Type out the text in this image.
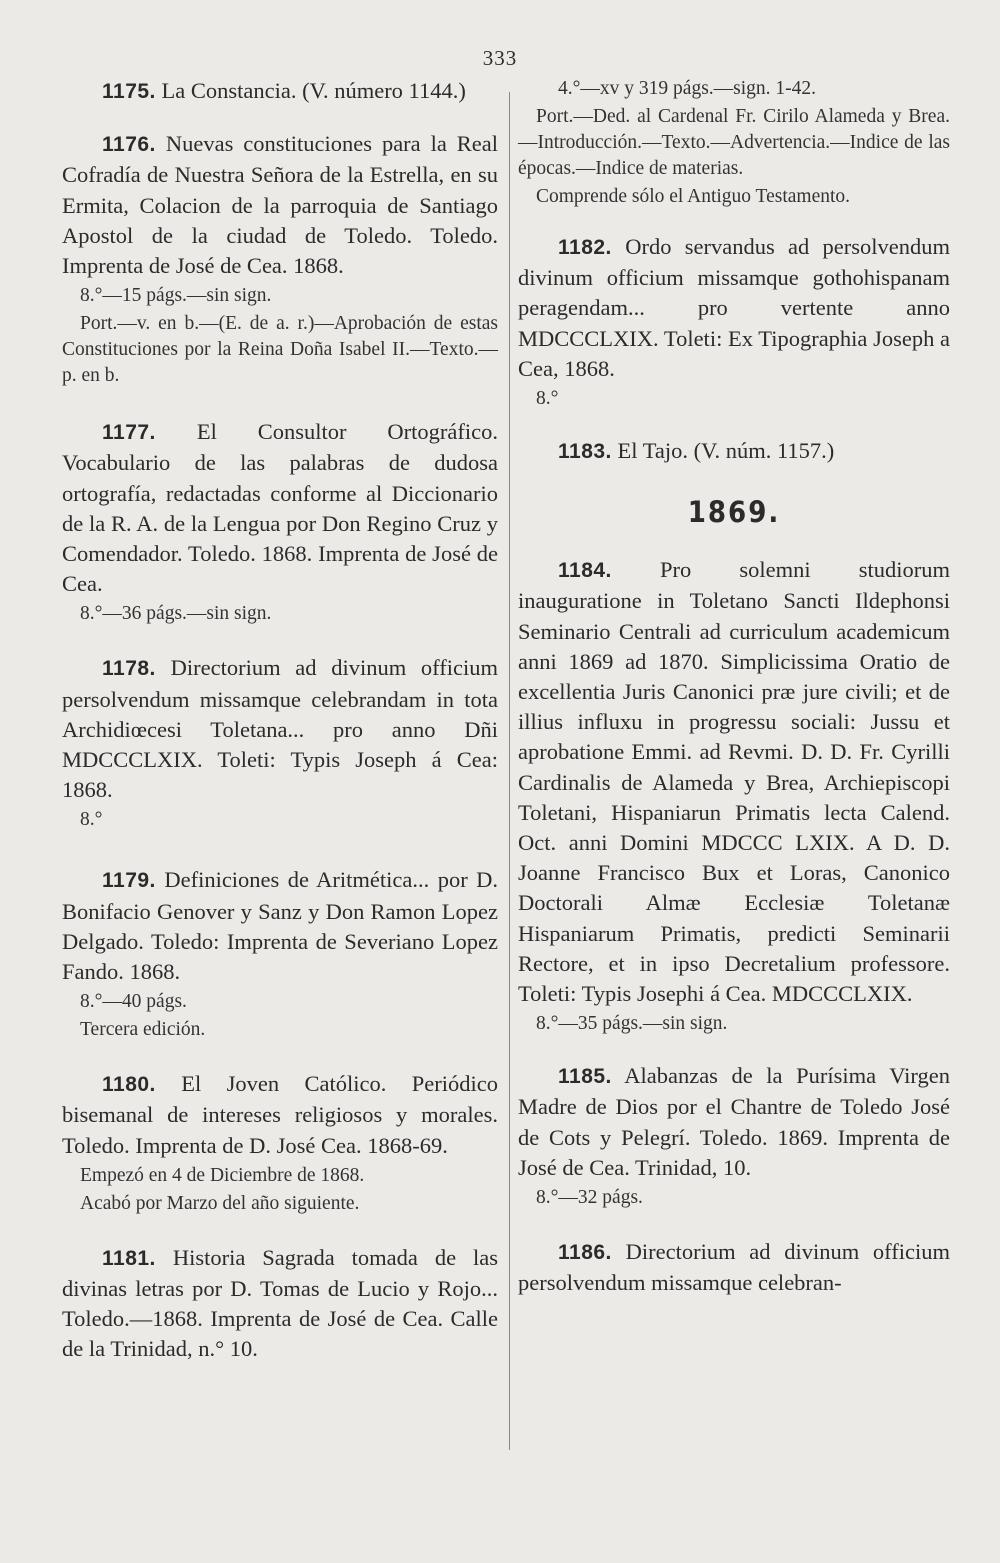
333

1175. La Constancia. (V. número 1144.)

1176. Nuevas constituciones para la Real Cofradía de Nuestra Señora de la Estrella, en su Ermita, Colacion de la parroquia de Santiago Apostol de la ciudad de Toledo. Toledo. Imprenta de José de Cea. 1868.

8.°—15 págs.—sin sign.

Port.—v. en b.—(E. de a. r.)—Aprobación de estas Constituciones por la Reina Doña Isabel II.—Texto.—p. en b.

1177. El Consultor Ortográfico. Vocabulario de las palabras de dudosa ortografía, redactadas conforme al Diccionario de la R. A. de la Lengua por Don Regino Cruz y Comendador. Toledo. 1868. Imprenta de José de Cea.

8.°—36 págs.—sin sign.

1178. Directorium ad divinum officium persolvendum missamque celebrandam in tota Archidiœcesi Toletana... pro anno Dñi MDCCCLXIX. Toleti: Typis Joseph á Cea: 1868.

8.°

1179. Definiciones de Aritmética... por D. Bonifacio Genover y Sanz y Don Ramon Lopez Delgado. Toledo: Imprenta de Severiano Lopez Fando. 1868.

8.°—40 págs.

Tercera edición.

1180. El Joven Católico. Periódico bisemanal de intereses religiosos y morales. Toledo. Imprenta de D. José Cea. 1868-69.

Empezó en 4 de Diciembre de 1868.

Acabó por Marzo del año siguiente.

1181. Historia Sagrada tomada de las divinas letras por D. Tomas de Lucio y Rojo... Toledo.—1868. Imprenta de José de Cea. Calle de la Trinidad, n.° 10.

4.°—xv y 319 págs.—sign. 1-42.

Port.—Ded. al Cardenal Fr. Cirilo Alameda y Brea.—Introducción.—Texto.—Advertencia.—Indice de las épocas.—Indice de materias.

Comprende sólo el Antiguo Testamento.

1182. Ordo servandus ad persolvendum divinum officium missamque gothohispanam peragendam... pro vertente anno MDCCCLXIX. Toleti: Ex Tipographia Joseph a Cea, 1868.

8.°

1183. El Tajo. (V. núm. 1157.)

1869.

1184. Pro solemni studiorum inauguratione in Toletano Sancti Ildephonsi Seminario Centrali ad curriculum academicum anni 1869 ad 1870. Simplicissima Oratio de excellentia Juris Canonici præ jure civili; et de illius influxu in progressu sociali: Jussu et aprobatione Emmi. ad Revmi. D. D. Fr. Cyrilli Cardinalis de Alameda y Brea, Archiepiscopi Toletani, Hispaniarun Primatis lecta Calend. Oct. anni Domini MDCCC LXIX. A D. D. Joanne Francisco Bux et Loras, Canonico Doctorali Almæ Ecclesiæ Toletanæ Hispaniarum Primatis, predicti Seminarii Rectore, et in ipso Decretalium professore. Toleti: Typis Josephi á Cea. MDCCCLXIX.

8.°—35 págs.—sin sign.

1185. Alabanzas de la Purísima Virgen Madre de Dios por el Chantre de Toledo José de Cots y Pelegrí. Toledo. 1869. Imprenta de José de Cea. Trinidad, 10.

8.°—32 págs.

1186. Directorium ad divinum officium persolvendum missamque celebran-
